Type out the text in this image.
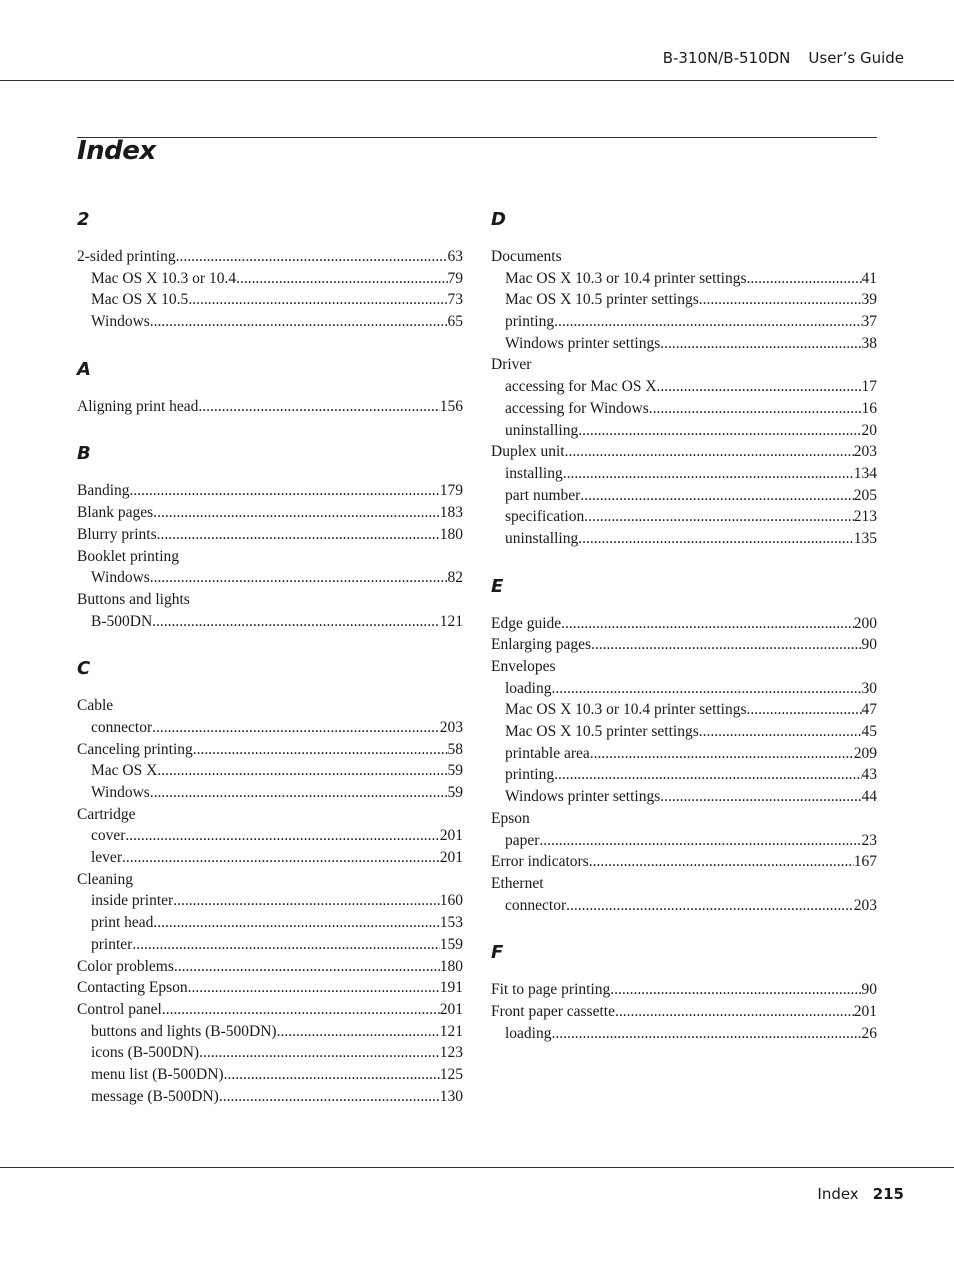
B-310N/B-510DN User’s Guide
Index
2
2-sided printing .....	63
Mac OS X 10.3 or 10.4 .....	79
Mac OS X 10.5 .....	73
Windows .....	65
A
Aligning print head .....	156
B
Banding .....	179
Blank pages .....	183
Blurry prints .....	180
Booklet printing
Windows .....	82
Buttons and lights
B-500DN .....	121
C
Cable
connector .....	203
Canceling printing .....	58
Mac OS X .....	59
Windows .....	59
Cartridge
cover .....	201
lever .....	201
Cleaning
inside printer .....	160
print head .....	153
printer .....	159
Color problems .....	180
Contacting Epson .....	191
Control panel .....	201
buttons and lights (B-500DN) .....	121
icons (B-500DN) .....	123
menu list (B-500DN) .....	125
message (B-500DN) .....	130
D
Documents
Mac OS X 10.3 or 10.4 printer settings .....	41
Mac OS X 10.5 printer settings .....	39
printing .....	37
Windows printer settings .....	38
Driver
accessing for Mac OS X .....	17
accessing for Windows .....	16
uninstalling .....	20
Duplex unit .....	203
installing .....	134
part number .....	205
specification .....	213
uninstalling .....	135
E
Edge guide .....	200
Enlarging pages .....	90
Envelopes
loading .....	30
Mac OS X 10.3 or 10.4 printer settings .....	47
Mac OS X 10.5 printer settings .....	45
printable area .....	209
printing .....	43
Windows printer settings .....	44
Epson
paper .....	23
Error indicators .....	167
Ethernet
connector .....	203
F
Fit to page printing .....	90
Front paper cassette .....	201
loading .....	26
Index 215
